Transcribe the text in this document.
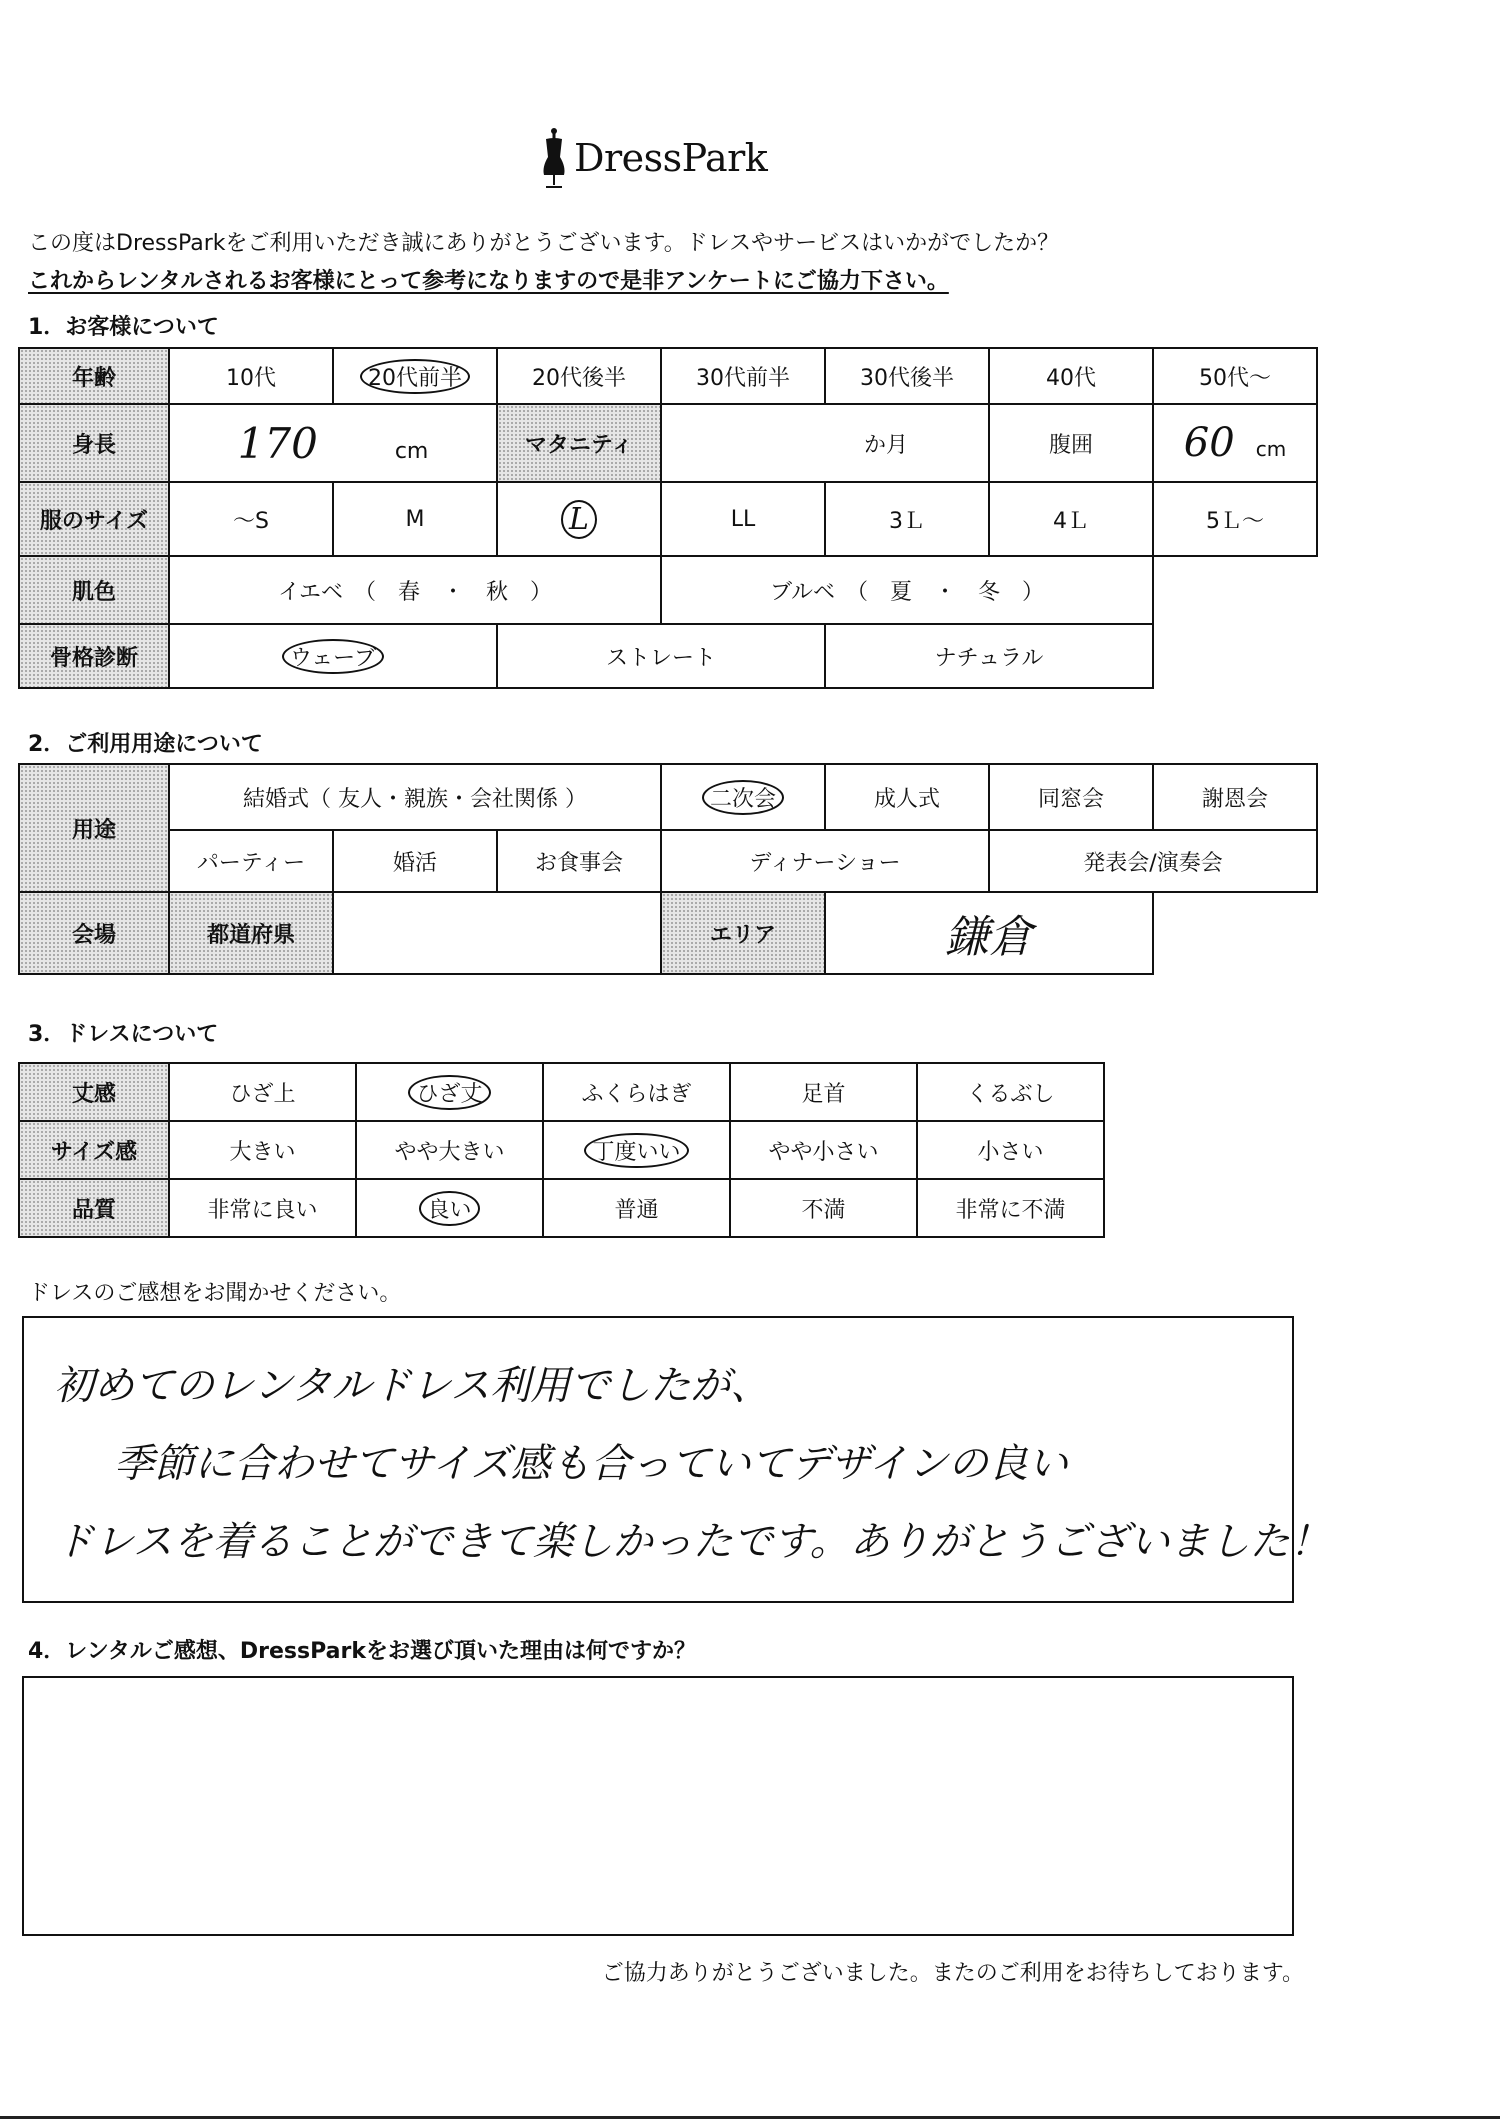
DressPark
この度はDressParkをご利用いただき誠にありがとうございます。ドレスやサービスはいかがでしたか？
これからレンタルされるお客様にとって参考になりますので是非アンケートにご協力下さい。
1．お客様について
年齢	10代	20代前半	20代後半	30代前半	30代後半	40代	50代～
身長	170 cm		マタニティ	か月		腹囲	60 cm
服のサイズ	～S	M	L	LL	3Ｌ	4Ｌ	5Ｌ～
肌色	イエベ　（　春　・　秋　）			ブルベ　（　夏　・　冬　）			
骨格診断	ウェーブ		ストレート		ナチュラル		
2．ご利用用途について
用途	結婚式（ 友人・親族・会社関係 ）			二次会	成人式	同窓会	謝恩会
	パーティー	婚活	お食事会	ディナーショー		発表会/演奏会	
会場	都道府県			エリア	鎌倉		
3．ドレスについて
丈感	ひざ上	ひざ丈	ふくらはぎ	足首	くるぶし
サイズ感	大きい	やや大きい	丁度いい	やや小さい	小さい
品質	非常に良い	良い	普通	不満	非常に不満
ドレスのご感想をお聞かせください。
初めてのレンタルドレス利用でしたが、
季節に合わせてサイズ感も合っていてデザインの良い
ドレスを着ることができて楽しかったです。ありがとうございました！
4．レンタルご感想、DressParkをお選び頂いた理由は何ですか？
ご協力ありがとうございました。またのご利用をお待ちしております。
